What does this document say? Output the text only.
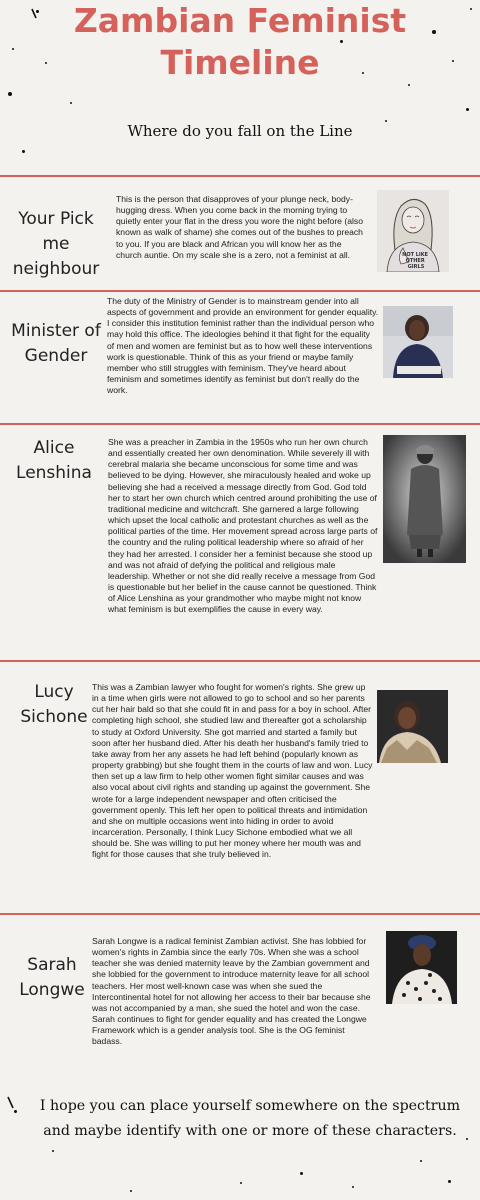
Zambian Feminist
Timeline
Where do you fall on the Line
Your Pick me neighbour
This is the person that disapproves of your plunge neck, body-hugging dress. When you come back in the morning trying to quietly enter your flat in the dress you wore the night before (also known as walk of shame) she comes out of the bushes to preach to you. If you are black and African you will know her as the church auntie. On my scale she is a zero, not a feminist at all.	NOT LIKE OTHER GIRLS
Minister of Gender
The duty of the Ministry of Gender is to mainstream gender into all aspects of government and provide an environment for gender equality. I consider this institution feminist rather than the individual person who may hold this office. The ideologies behind it that fight for the equality of men and women are feminist but as to how well these interventions work is questionable. Think of this as your friend or maybe family member who still struggles with feminism. They've heard about feminism and sometimes identify as feminist but don't really do the work.
Alice Lenshina
She was a preacher in Zambia in the 1950s who run her own church and essentially created her own denomination. While severely ill with cerebral malaria she became unconscious for some time and was believed to be dying. However, she miraculously healed and woke up believing she had a received a message directly from God. God told her to start her own church which centred around prohibiting the use of traditional medicine and witchcraft. She garnered a large following which upset the local catholic and protestant churches as well as the political parties of the time. Her movement spread across large parts of the country and the ruling political leadership where so afraid of her they had her arrested. I consider her a feminist because she stood up and was not afraid of defying the political and religious male leadership. Whether or not she did really receive a message from God is questionable but her belief in the cause cannot be questioned. Think of Alice Lenshina as your grandmother who maybe might not know what feminism is but exemplifies the cause in every way.
Lucy Sichone
This was a Zambian lawyer who fought for women's rights. She grew up in a time when girls were not allowed to go to school and so her parents cut her hair bald so that she could fit in and pass for a boy in school. After completing high school, she studied law and thereafter got a scholarship to study at Oxford University. She got married and started a family but soon after her husband died. After his death her husband's family tried to take away from her any assets he had left behind (popularly known as property grabbing) but she fought them in the courts of law and won. Lucy then set up a law firm to help other women fight similar causes and was also vocal about civil rights and standing up against the government. She wrote for a large independent newspaper and often criticised the government openly. This left her open to political threats and intimidation and she on multiple occasions went into hiding in order to avoid incarceration. Personally, I think Lucy Sichone embodied what we all should be. She was willing to put her money where her mouth was and fight for those causes that she truly believed in.
Sarah Longwe
Sarah Longwe is a radical feminist Zambian activist. She has lobbied for women's rights in Zambia since the early 70s. When she was a school teacher she was denied maternity leave by the Zambian government and she lobbied for the government to introduce maternity leave for all school teachers. Her most well-known case was when she sued the Intercontinental hotel for not allowing her access to their bar because she was not accompanied by a man, she sued the hotel and won the case. Sarah continues to fight for gender equality and has created the Longwe Framework which is a gender analysis tool. She is the OG feminist badass.
I hope you can place yourself somewhere on the spectrum and maybe identify with one or more of these characters.
